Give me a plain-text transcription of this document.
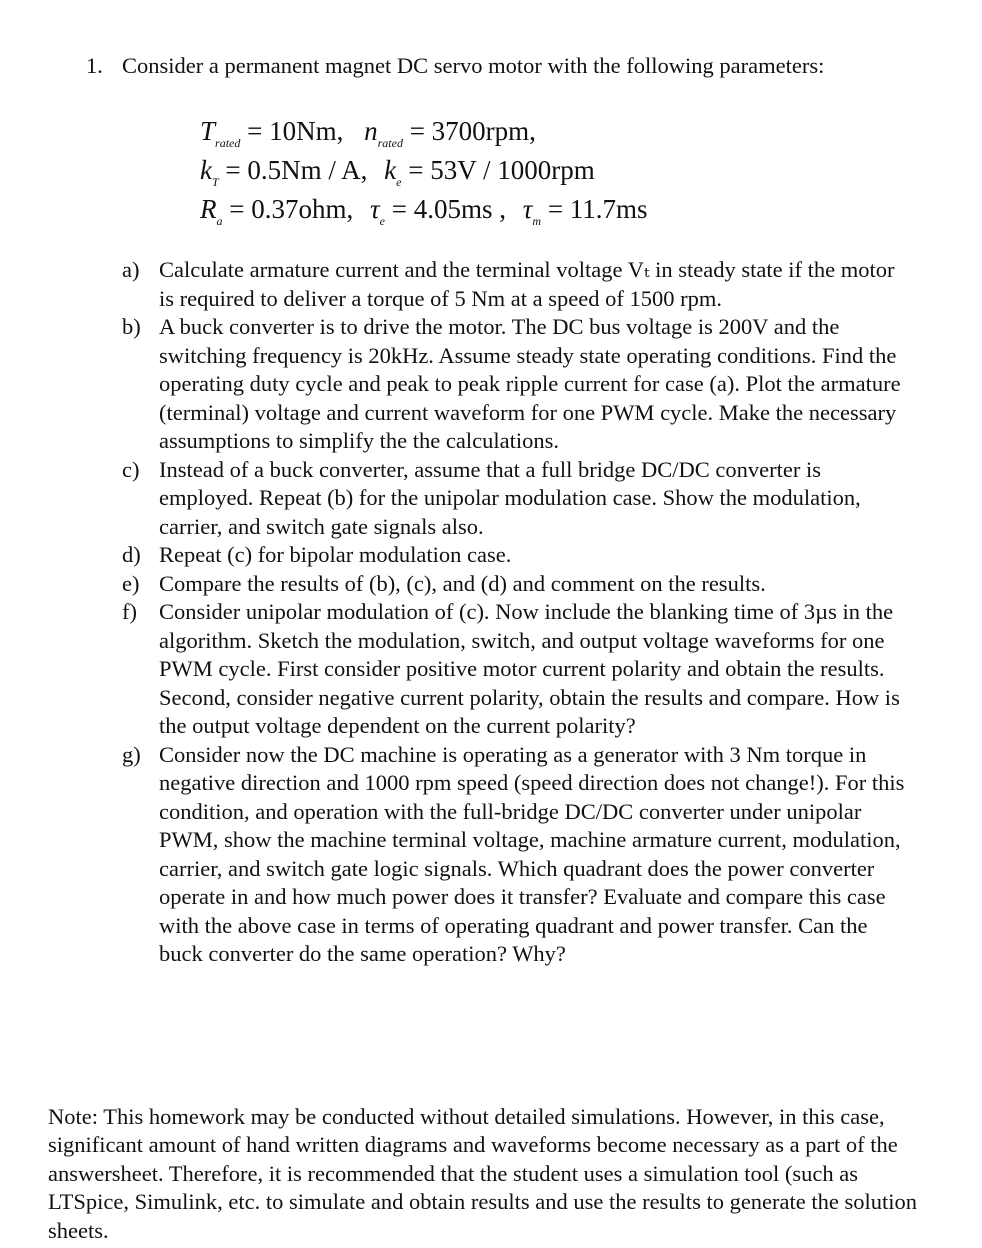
1. Consider a permanent magnet DC servo motor with the following parameters:
$T_{rated} = 10Nm$, $n_{rated} = 3700rpm$,
$k_T = 0.5Nm / A$, $k_e = 53V / 1000rpm$
$R_a = 0.37ohm$, $\tau_e = 4.05ms$ , $\tau_m = 11.7ms$
a) Calculate armature current and the terminal voltage Vₜ in steady state if the motor is required to deliver a torque of 5 Nm at a speed of 1500 rpm.
b) A buck converter is to drive the motor. The DC bus voltage is 200V and the switching frequency is 20kHz. Assume steady state operating conditions. Find the operating duty cycle and peak to peak ripple current for case (a). Plot the armature (terminal) voltage and current waveform for one PWM cycle. Make the necessary assumptions to simplify the the calculations.
c) Instead of a buck converter, assume that a full bridge DC/DC converter is employed. Repeat (b) for the unipolar modulation case. Show the modulation, carrier, and switch gate signals also.
d) Repeat (c) for bipolar modulation case.
e) Compare the results of (b), (c), and (d) and comment on the results.
f) Consider unipolar modulation of (c). Now include the blanking time of 3µs in the algorithm. Sketch the modulation, switch, and output voltage waveforms for one PWM cycle. First consider positive motor current polarity and obtain the results. Second, consider negative current polarity, obtain the results and compare. How is the output voltage dependent on the current polarity?
g) Consider now the DC machine is operating as a generator with 3 Nm torque in negative direction and 1000 rpm speed (speed direction does not change!). For this condition, and operation with the full-bridge DC/DC converter under unipolar PWM, show the machine terminal voltage, machine armature current, modulation, carrier, and switch gate logic signals. Which quadrant does the power converter operate in and how much power does it transfer? Evaluate and compare this case with the above case in terms of operating quadrant and power transfer. Can the buck converter do the same operation? Why?

Note: This homework may be conducted without detailed simulations. However, in this case, significant amount of hand written diagrams and waveforms become necessary as a part of the answersheet. Therefore, it is recommended that the student uses a simulation tool (such as LTSpice, Simulink, etc. to simulate and obtain results and use the results to generate the solution sheets.
